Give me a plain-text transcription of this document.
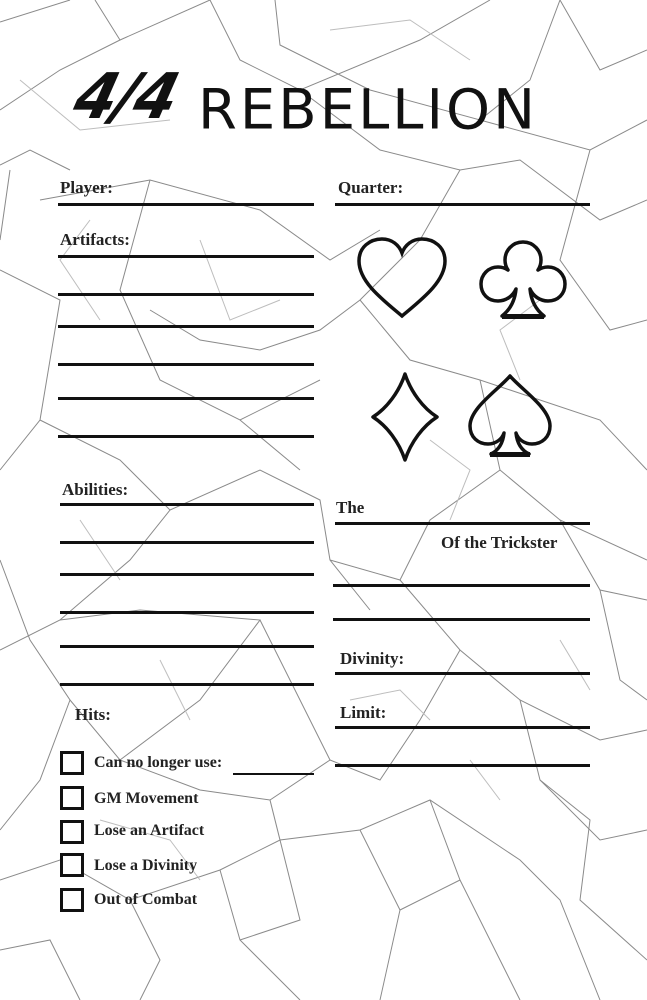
4/4 REBELLION
Player:	Quarter:
Artifacts:
Abilities:
The
Of the Trickster
Divinity:
Limit:
Hits:
Can no longer use:
GM Movement
Lose an Artifact
Lose a Divinity
Out of Combat
